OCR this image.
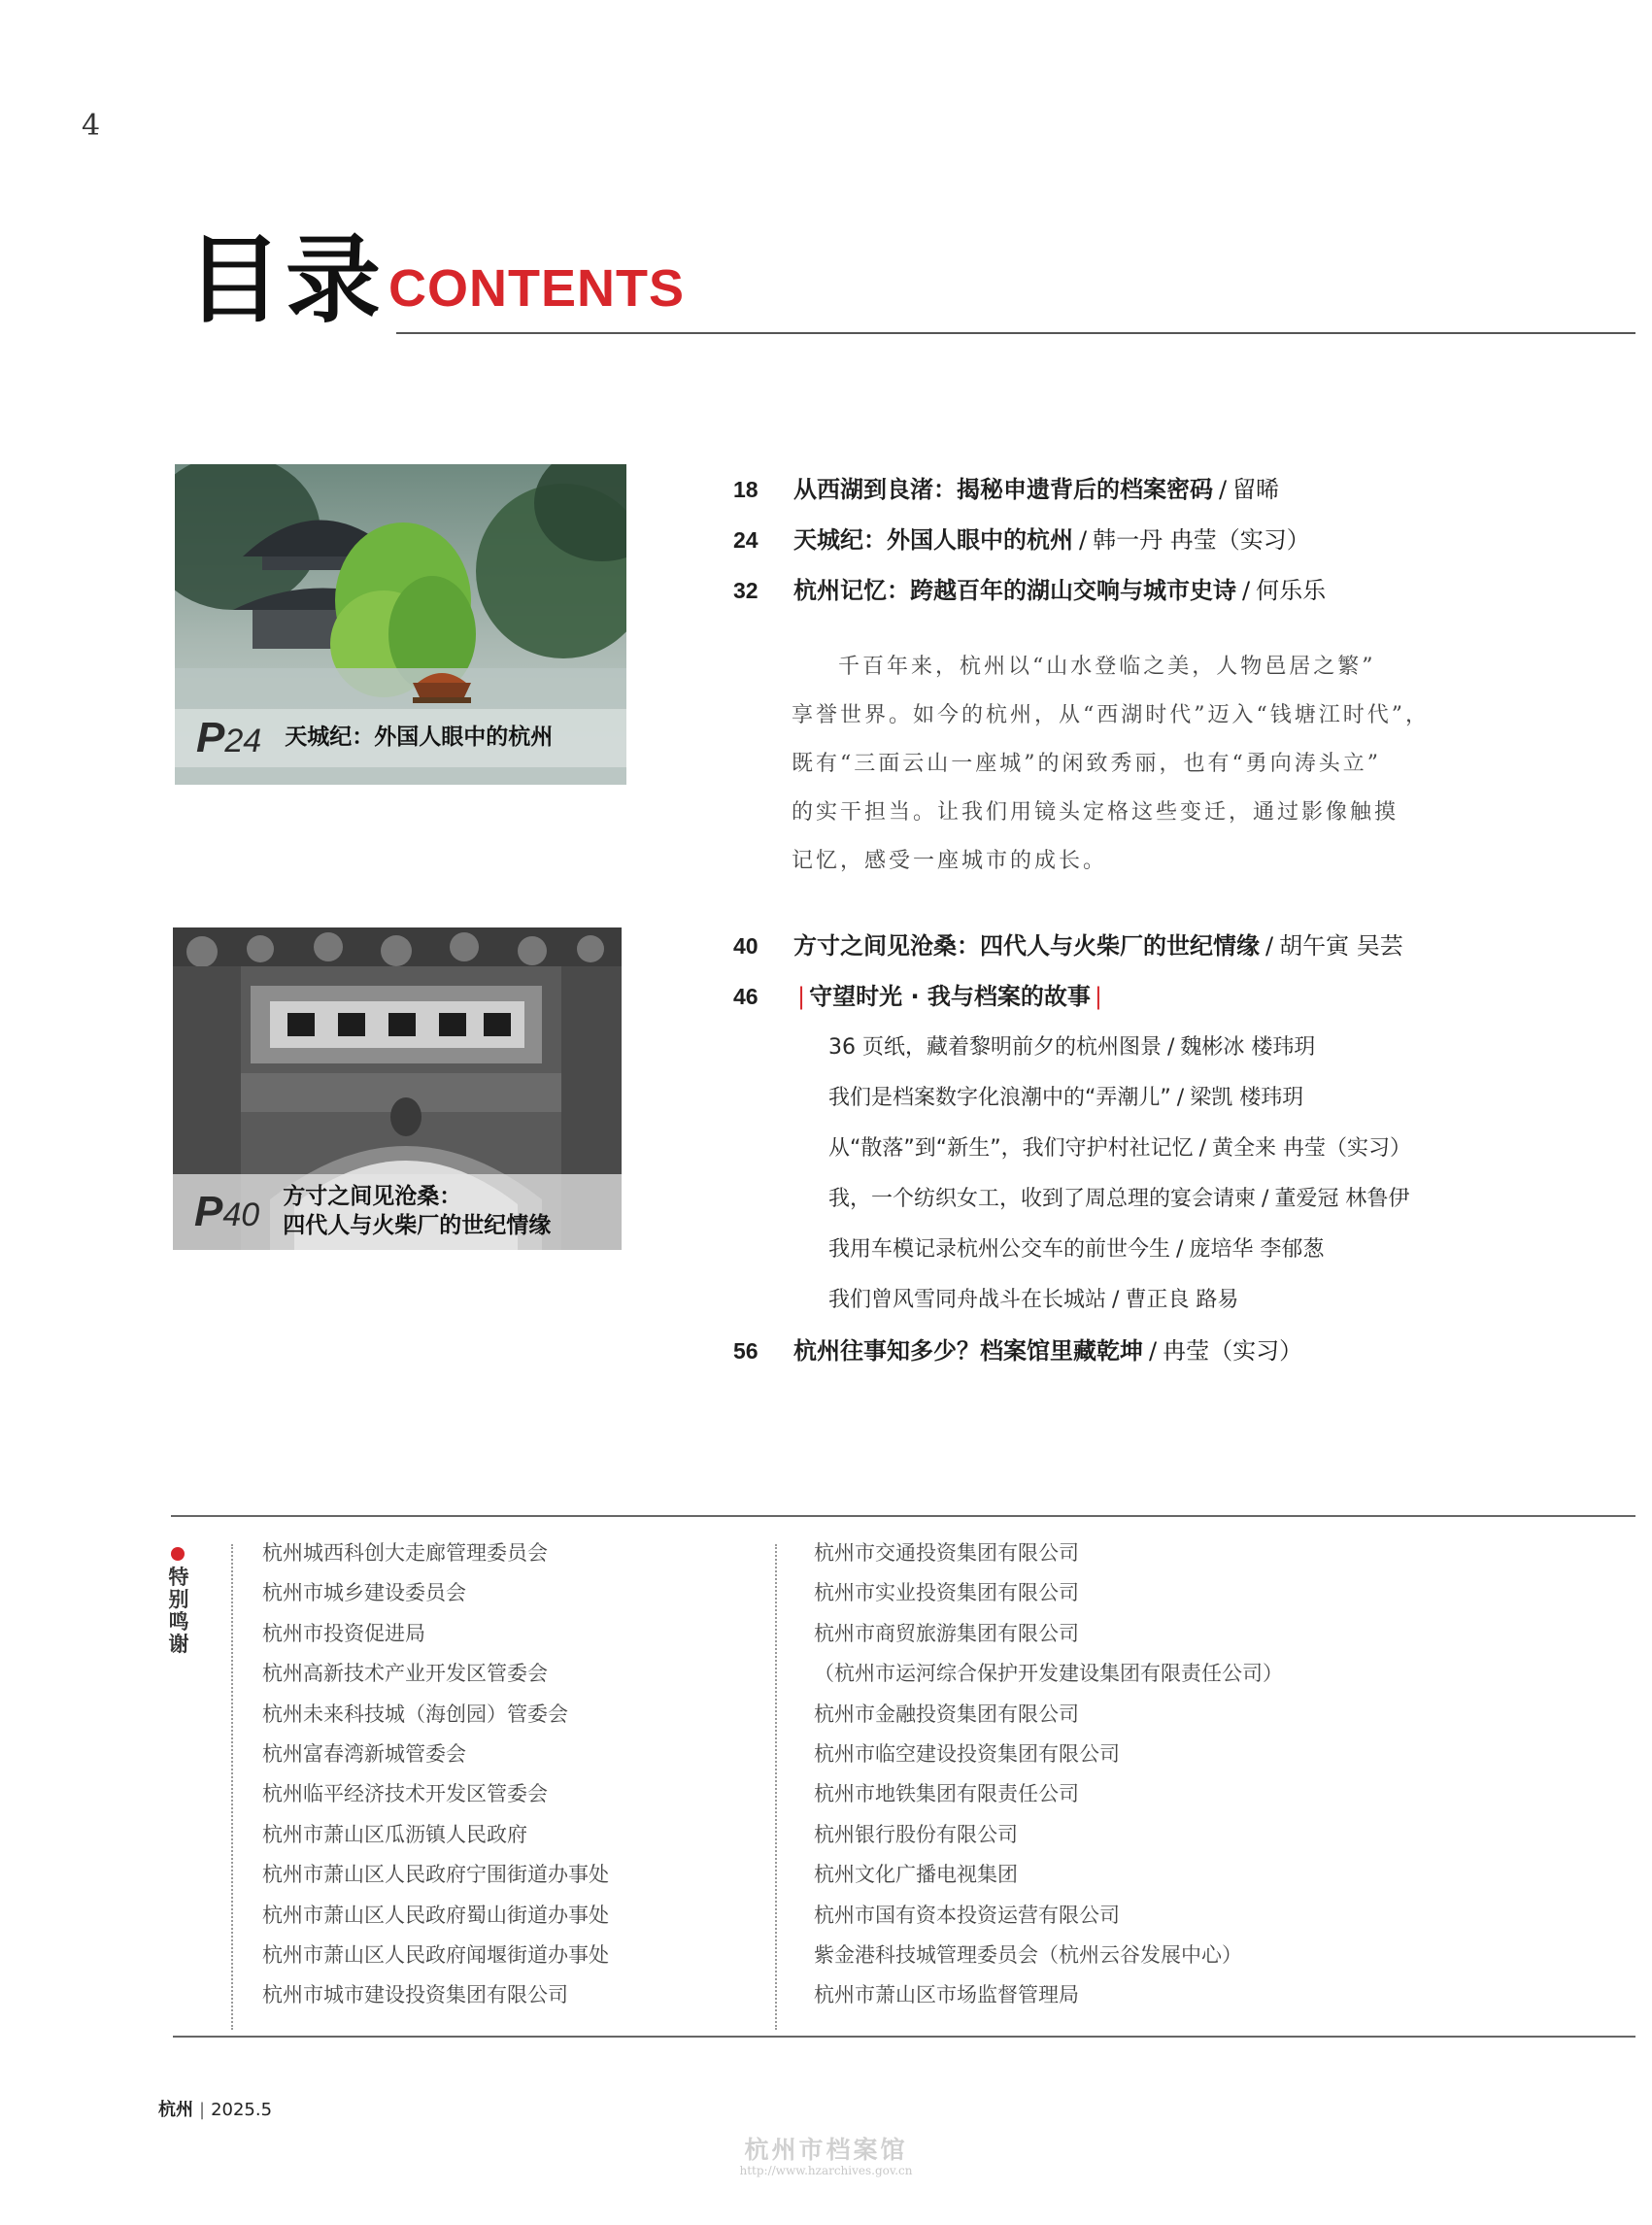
4
目录 CONTENTS
P24 天城纪：外国人眼中的杭州
P40 方寸之间见沧桑：
四代人与火柴厂的世纪情缘
18 从西湖到良渚：揭秘申遗背后的档案密码 / 留晞
24 天城纪：外国人眼中的杭州 / 韩一丹 冉莹（实习）
32 杭州记忆：跨越百年的湖山交响与城市史诗 / 何乐乐

千百年来，杭州以“山水登临之美，人物邑居之繁”

享誉世界。如今的杭州，从“西湖时代”迈入“钱塘江时代”，

既有“三面云山一座城”的闲致秀丽，也有“勇向涛头立”

的实干担当。让我们用镜头定格这些变迁，通过影像触摸

记忆，感受一座城市的成长。

40 方寸之间见沧桑：四代人与火柴厂的世纪情缘 / 胡午寅 吴芸
46 | 守望时光 · 我与档案的故事 |
36 页纸，藏着黎明前夕的杭州图景 / 魏彬冰 楼玮玥
我们是档案数字化浪潮中的“弄潮儿” / 梁凯 楼玮玥
从“散落”到“新生”，我们守护村社记忆 / 黄全来 冉莹（实习）
我，一个纺织女工，收到了周总理的宴会请柬 / 董爱冠 林鲁伊
我用车模记录杭州公交车的前世今生 / 庞培华 李郁葱
我们曾风雪同舟战斗在长城站 / 曹正良 路易
56 杭州往事知多少？档案馆里藏乾坤 / 冉莹（实习）
特别鸣谢
杭州城西科创大走廊管理委员会
杭州市城乡建设委员会
杭州市投资促进局
杭州高新技术产业开发区管委会
杭州未来科技城（海创园）管委会
杭州富春湾新城管委会
杭州临平经济技术开发区管委会
杭州市萧山区瓜沥镇人民政府
杭州市萧山区人民政府宁围街道办事处
杭州市萧山区人民政府蜀山街道办事处
杭州市萧山区人民政府闻堰街道办事处
杭州市城市建设投资集团有限公司
杭州市交通投资集团有限公司
杭州市实业投资集团有限公司
杭州市商贸旅游集团有限公司
（杭州市运河综合保护开发建设集团有限责任公司）
杭州市金融投资集团有限公司
杭州市临空建设投资集团有限公司
杭州市地铁集团有限责任公司
杭州银行股份有限公司
杭州文化广播电视集团
杭州市国有资本投资运营有限公司
紫金港科技城管理委员会（杭州云谷发展中心）
杭州市萧山区市场监督管理局
杭州 | 2025.5
杭州市档案馆
http://www.hzarchives.gov.cn
